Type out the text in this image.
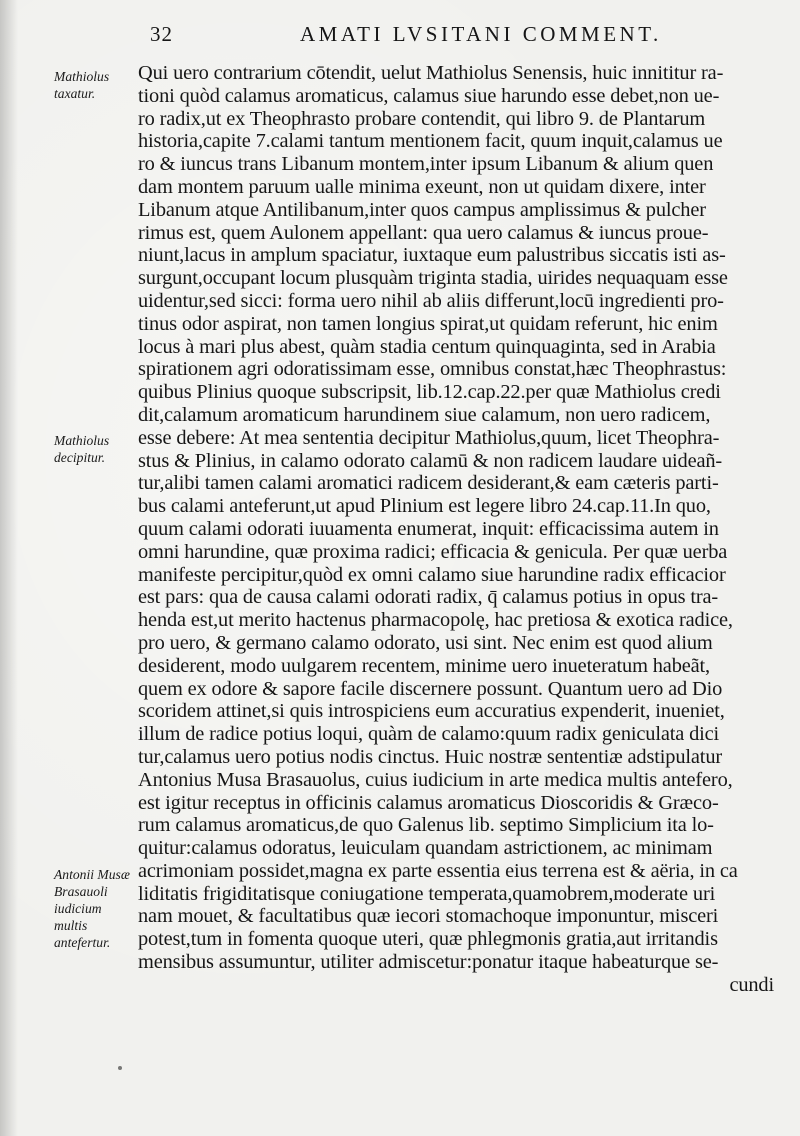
32	AMATI LVSITANI COMMENT.
Mathiolus taxatur.
Mathiolus decipitur.
Antonii Musæ Brasauoli iudicium multis antefertur.
Qui uero contrarium cōtendit, uelut Mathiolus Senensis, huic innititur ra-
tioni quòd calamus aromaticus, calamus siue harundo esse debet,non ue-
ro radix,ut ex Theophrasto probare contendit, qui libro 9. de Plantarum
historia,capite 7.calami tantum mentionem facit, quum inquit,calamus ue
ro & iuncus trans Libanum montem,inter ipsum Libanum & alium quen
dam montem paruum ualle minima exeunt, non ut quidam dixere, inter
Libanum atque Antilibanum,inter quos campus amplissimus & pulcher
rimus est, quem Aulonem appellant: qua uero calamus & iuncus proue-
niunt,lacus in amplum spaciatur, iuxtaque eum palustribus siccatis isti as-
surgunt,occupant locum plusquàm triginta stadia, uirides nequaquam esse
uidentur,sed sicci: forma uero nihil ab aliis differunt,locū ingredienti pro-
tinus odor aspirat, non tamen longius spirat,ut quidam referunt, hic enim
locus à mari plus abest, quàm stadia centum quinquaginta, sed in Arabia
spirationem agri odoratissimam esse, omnibus constat,hæc Theophrastus:
quibus Plinius quoque subscripsit, lib.12.cap.22.per quæ Mathiolus credi
dit,calamum aromaticum harundinem siue calamum, non uero radicem,
esse debere: At mea sententia decipitur Mathiolus,quum, licet Theophra-
stus & Plinius, in calamo odorato calamū & non radicem laudare uideañ-
tur,alibi tamen calami aromatici radicem desiderant,& eam cæteris parti-
bus calami anteferunt,ut apud Plinium est legere libro 24.cap.11.In quo,
quum calami odorati iuuamenta enumerat, inquit: efficacissima autem in
omni harundine, quæ proxima radici; efficacia & genicula. Per quæ uerba
manifeste percipitur,quòd ex omni calamo siue harundine radix efficacior
est pars: qua de causa calami odorati radix, q̄ calamus potius in opus tra-
henda est,ut merito hactenus pharmacopolę, hac pretiosa & exotica radice,
pro uero, & germano calamo odorato, usi sint. Nec enim est quod alium
desiderent, modo uulgarem recentem, minime uero inueteratum habeãt,
quem ex odore & sapore facile discernere possunt. Quantum uero ad Dio
scoridem attinet,si quis introspiciens eum accuratius expenderit, inueniet,
illum de radice potius loqui, quàm de calamo:quum radix geniculata dici
tur,calamus uero potius nodis cinctus. Huic nostræ sententiæ adstipulatur
Antonius Musa Brasauolus, cuius iudicium in arte medica multis antefero,
est igitur receptus in officinis calamus aromaticus Dioscoridis & Græco-
rum calamus aromaticus,de quo Galenus lib. septimo Simplicium ita lo-
quitur:calamus odoratus, leuiculam quandam astrictionem, ac minimam
acrimoniam possidet,magna ex parte essentia eius terrena est & aëria, in ca
liditatis frigiditatisque coniugatione temperata,quamobrem,moderate uri
nam mouet, & facultatibus quæ iecori stomachoque imponuntur, misceri
potest,tum in fomenta quoque uteri, quæ phlegmonis gratia,aut irritandis
mensibus assumuntur, utiliter admiscetur:ponatur itaque habeaturque se-
cundi
